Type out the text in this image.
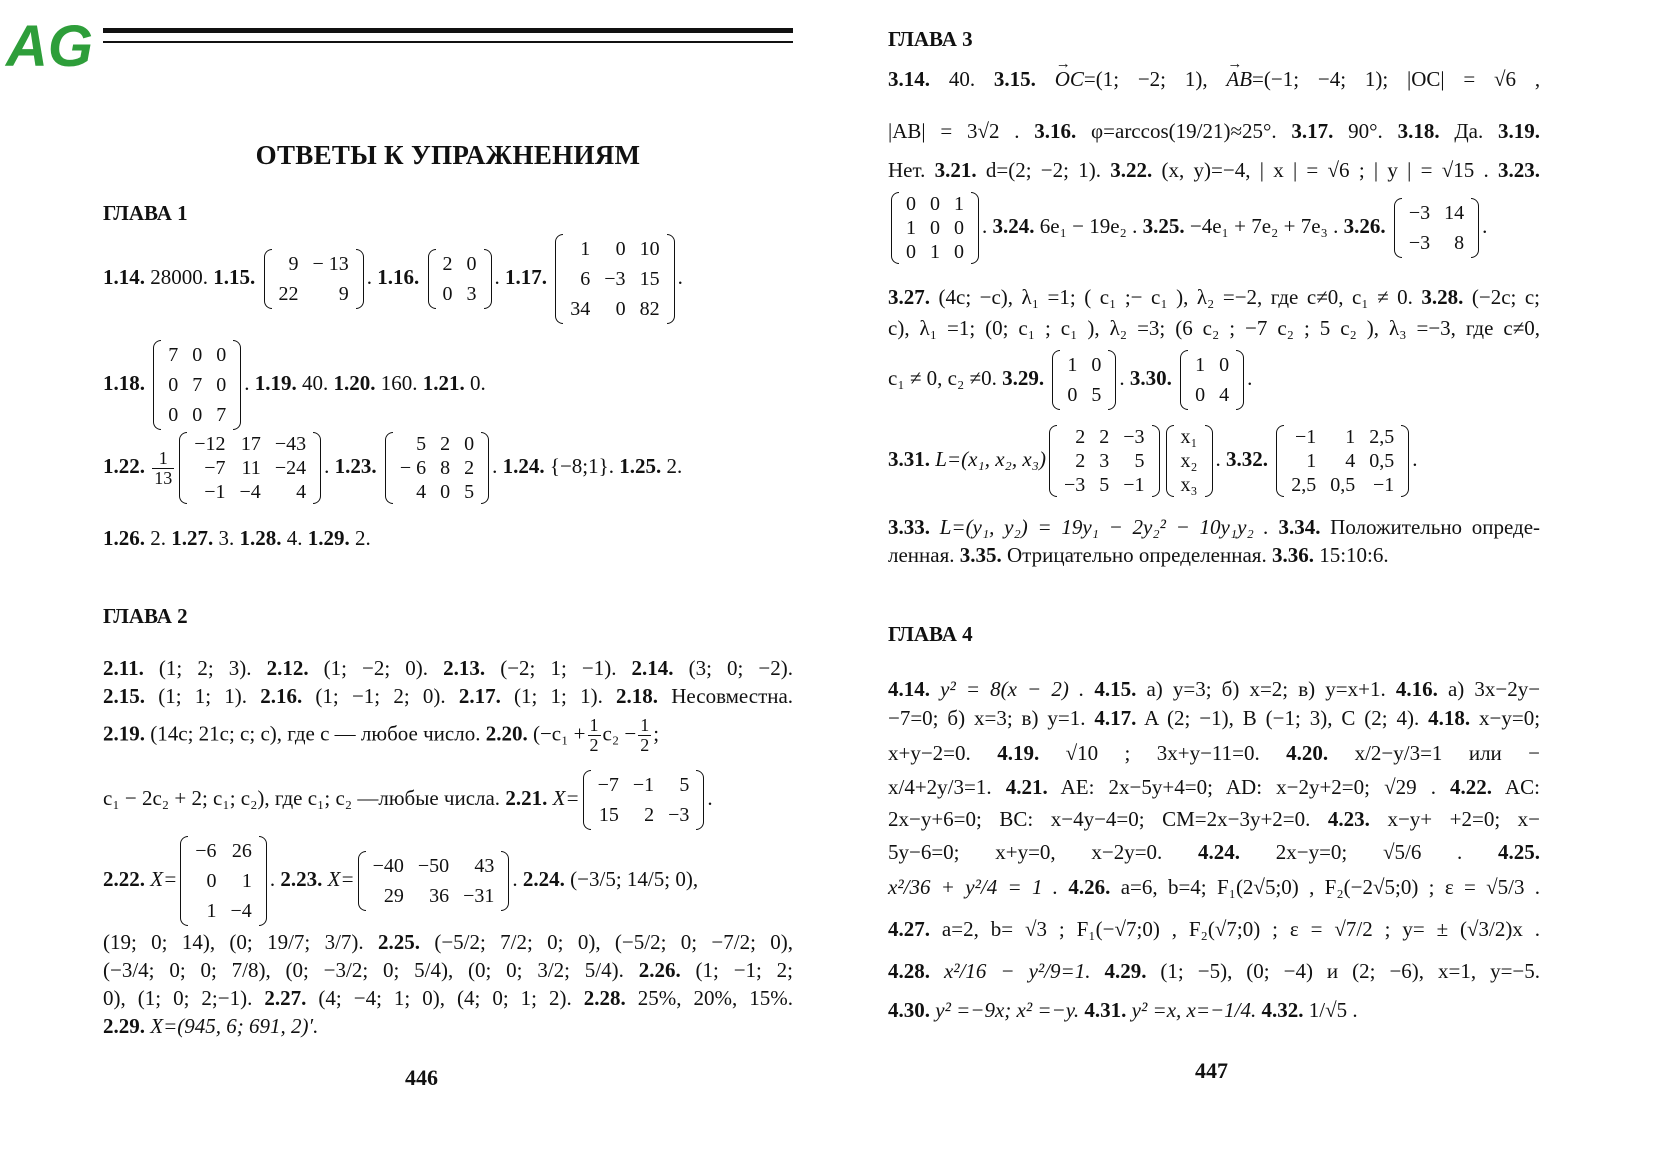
AG
ОТВЕТЫ К УПРАЖНЕНИЯМ
ГЛАВА 1
1.14. 28000. 1.15.
9	− 13
22	9
. 1.16.
2	0
0	3
. 1.17.
1	0	10
6	−3	15
34	0	82
.
1.18.
7	0	0
0	7	0
0	0	7
. 1.19. 40. 1.20. 160. 1.21. 0.
1.22. $\frac{1}{13}$
−12	17	−43
−7	11	−24
−1	−4	4
. 1.23.
5	2	0
− 6	8	2
4	0	5
. 1.24. {−8;1}. 1.25. 2.
1.26. 2. 1.27. 3. 1.28. 4. 1.29. 2.
ГЛАВА 2
2.11. (1; 2; 3). 2.12. (1; −2; 0). 2.13. (−2; 1; −1). 2.14. (3; 0; −2).
2.15. (1; 1; 1). 2.16. (1; −1; 2; 0). 2.17. (1; 1; 1). 2.18. Несовместна.
2.19. (14c; 21c; c; c), где c — любое число. 2.20. ($-c_1 + \frac{1}{2} c_2 - \frac{1}{2}$ ;
c₁ − 2c₂ + 2; c₁; c₂), где c₁; c₂ —любые числа. 2.21. X=
−7	−1	5
15	2	−3
.
2.22. X=
−6	26
0	1
1	−4
. 2.23. X=
−40	−50	43
29	36	−31
. 2.24. (−3/5; 14/5; 0),
(19; 0; 14), (0; 19/7; 3/7). 2.25. (−5/2; 7/2; 0; 0), (−5/2; 0; −7/2; 0),
(−3/4; 0; 0; 7/8), (0; −3/2; 0; 5/4), (0; 0; 3/2; 5/4). 2.26. (1; −1; 2;
0), (1; 0; 2;−1). 2.27. (4; −4; 1; 0), (4; 0; 1; 2). 2.28. 25%, 20%, 15%.
2.29. X=(945, 6; 691, 2)′.
446
ГЛАВА 3
3.14. 40. 3.15. → OC=(1; −2; 1), → AB=(−1; −4; 1); |OC| = √6 ,
|AB| = 3√2 . 3.16. φ=arccos(19/21)≈25°. 3.17. 90°. 3.18. Да. 3.19.
Нет. 3.21. d=(2; −2; 1). 3.22. (x, y)=−4, | x | = √6 ; | y | = √15 . 3.23.
0	0	1
1	0	0
0	1	0
. 3.24. 6e₁ − 19e₂ . 3.25. −4e₁ + 7e₂ + 7e₃ . 3.26.
−3	14
−3	8
.
3.27. (4c; −c), λ₁ =1; ( c₁ ;− c₁ ), λ₂ =−2, где c≠0, c₁ ≠ 0. 3.28. (−2c; c;
c), λ₁ =1; (0; c₁ ; c₁ ), λ₂ =3; (6 c₂ ; −7 c₂ ; 5 c₂ ), λ₃ =−3, где c≠0,
c₁ ≠ 0, c₂ ≠0. 3.29.
1	0
0	5
. 3.30.
1	0
0	4
.
3.31. L=(x₁, x₂, x₃)
2	2	−3
2	3	5
−3	5	−1
x₁
x₂
x₃
. 3.32.
−1	1	2,5
1	4	0,5
2,5	0,5	−1
.
3.33. L=(y₁, y₂) = 19y₁ − 2y₂² − 10y₁y₂ . 3.34. Положительно опреде-
ленная. 3.35. Отрицательно определенная. 3.36. 15:10:6.
ГЛАВА 4
4.14. y² = 8(x − 2) . 4.15. а) y=3; б) x=2; в) y=x+1. 4.16. а) 3x−2y−
−7=0; б) x=3; в) y=1. 4.17. A (2; −1), B (−1; 3), C (2; 4). 4.18. x−y=0;
x+y−2=0. 4.19. √10 ; 3x+y−11=0. 4.20. x/2−y/3=1 или −
x/4+2y/3=1. 4.21. AE: 2x−5y+4=0; AD: x−2y+2=0; √29 . 4.22. AC:
2x−y+6=0; BC: x−4y−4=0; CM=2x−3y+2=0. 4.23. x−y+ +2=0; x−
5y−6=0; x+y=0, x−2y=0. 4.24. 2x−y=0; √5/6 . 4.25.
x²/36 + y²/4 = 1 . 4.26. a=6, b=4; F₁(2√5;0) , F₂(−2√5;0) ; ε = √5/3 .
4.27. a=2, b= √3 ; F₁(−√7;0) , F₂(√7;0) ; ε = √7/2 ; y= ± (√3/2)x .
4.28. x²/16 − y²/9=1. 4.29. (1; −5), (0; −4) и (2; −6), x=1, y=−5.
4.30. y² =−9x; x² =−y. 4.31. y² =x, x=−1/4. 4.32. 1/√5 .
447
